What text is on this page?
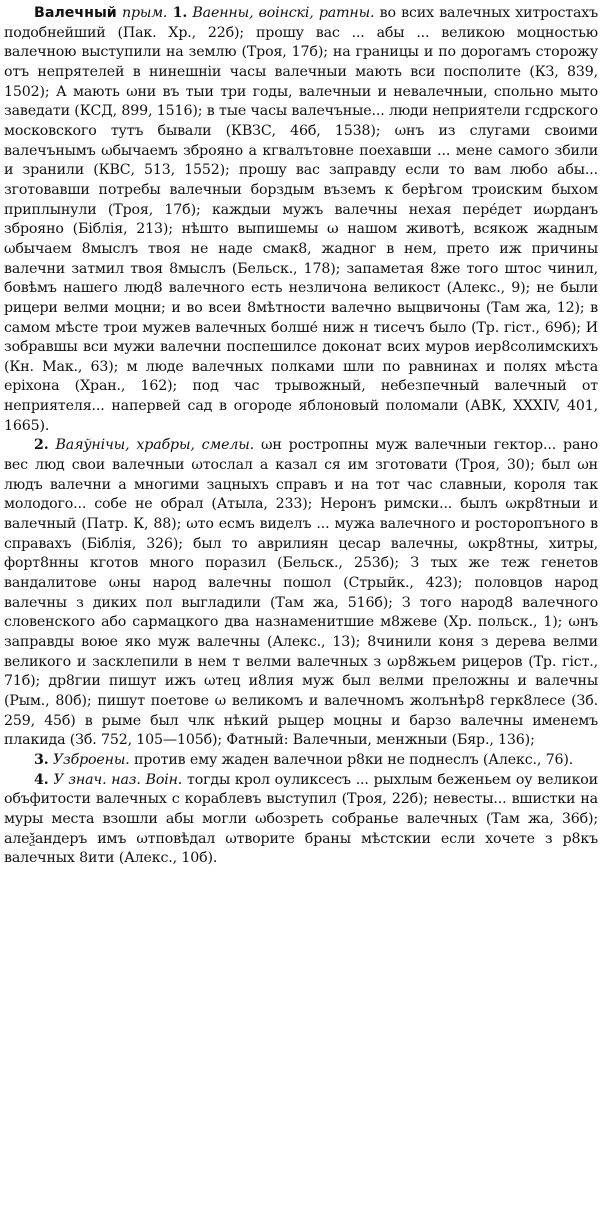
Валечный прым. 1. Ваенны, воінскі, ратны. во всих валечных хитростахъ подобнейший (Пак. Хр., 22б); прошу вас ... абы ... великою моцностью валечною выступили на землю (Троя, 17б); на границы и по дорогамъ сторожу отъ непрятелей в нинешнiи часы валечныи мають вси посполите (КЗ, 839, 1502); А мають ωни въ тыи три годы, валечныи и невалечныи, спольно мыто заведати (КСД, 899, 1516); в тые часы валечъные... люди неприятели гсдрского московского тутъ бывали (КВЗС, 46б, 1538); ωнъ из слугами своими валечънымъ ωбычаемъ зброяно а кгвалътовне поехавши ... мене самого збили и зранили (КВС, 513, 1552); прошу вас заправду если то вам любо абы... зготовавши потребы валечныи борздым въземъ к берѣгом троиским быхом приплынули (Троя, 17б); каждыи мужъ валечны нехая пере́дет иωрданъ зброяно (Біблія, 213); нѣшто выпишемы ω нашом животѣ, всякож жадным ωбычаем 8мыслъ твоя не наде смак8, жадног в нем, прето иж причины валечни затмил твоя 8мыслъ (Бельск., 178); запаметая 8же того штос чинил, бовѣмъ нашего люд8 валечного есть незличона великост (Алекс., 9); не были рицери велми моцни; и во всеи 8мѣтности валечно выцвичоны (Там жа, 12); в самом мѣсте трои мужев валечных болше́ ниж н тисечъ было (Тр. гіст., 69б); И зобравшы вси мужи валечни поспешилсе доконат всих муров иер8солимскихъ (Кн. Мак., 63); м люде валечных полками шли по равнинах и полях мѣста ерiхона (Хран., 162); под час трывожный, небезпечный валечный от неприятеля... напервей сад в огороде яблоновый поломали (АВК, XXXIV, 401, 1665).

2. Ваяўнічы, храбры, смелы. ωн ростропны муж валечныи гектор... рано вес люд свои валечныи ωтослал а казал ся им зготовати (Троя, 30); был ωн людъ валечни а многими зацныхъ справъ и на тот час славныи, короля так молодого... собе не обрал (Атыла, 233); Неронъ римски... былъ ωкр8тныи и валечный (Патр. К, 88); ωто есмъ виделъ ... мужа валечного и росторопъного в справахъ (Біблія, 326); был то аврилиян цесар валечны, ωкр8тны, хитры, форт8нны кготов много поразил (Бельск., 253б); З тых же теж генетов вандалитове ωны нарoд валечны пошол (Стрыйк., 423); половцов нарoд валечны з диких пол выгладили (Там жа, 516б); З того народ8 валечного словенского або сармацкого два назнаменитшие м8жеве (Хр. польск., 1); ωнъ заправды воюе яко муж валечны (Алекс., 13); 8чинили коня з дерева велми великого и засклепили в нем т велми валечных з ωр8жьем рицеров (Тр. гіст., 71б); др8гии пишут ижъ ωтец и8лия муж был велми преложны и валечны (Рым., 80б); пишут поетове ω великомъ и валечномъ жолънѣр8 герк8лесе (Зб. 259, 45б) в рыме был члк нѣкий рыцер моцны и барзо валечны именемъ плакида (Зб. 752, 105—105б); Фатный: Валечныи, менжныи (Бяр., 136);

3. Узброены. против ему жаден валечнои р8ки не поднеслъ (Алекс., 76).

4. У знач. наз. Воін. тогды крол оуликсесъ ... рыхлым беженьем оу великои объфитости валечных с кораблевъ выступил (Троя, 22б); невесты... вшистки на муры места взошли абы могли ωбозреть собранье валечных (Там жа, 36б); алеѯандеръ имъ ωтповѣдал ωтворите браны мѣстскии если хочете з р8къ валечных 8ити (Алекс., 10б).
